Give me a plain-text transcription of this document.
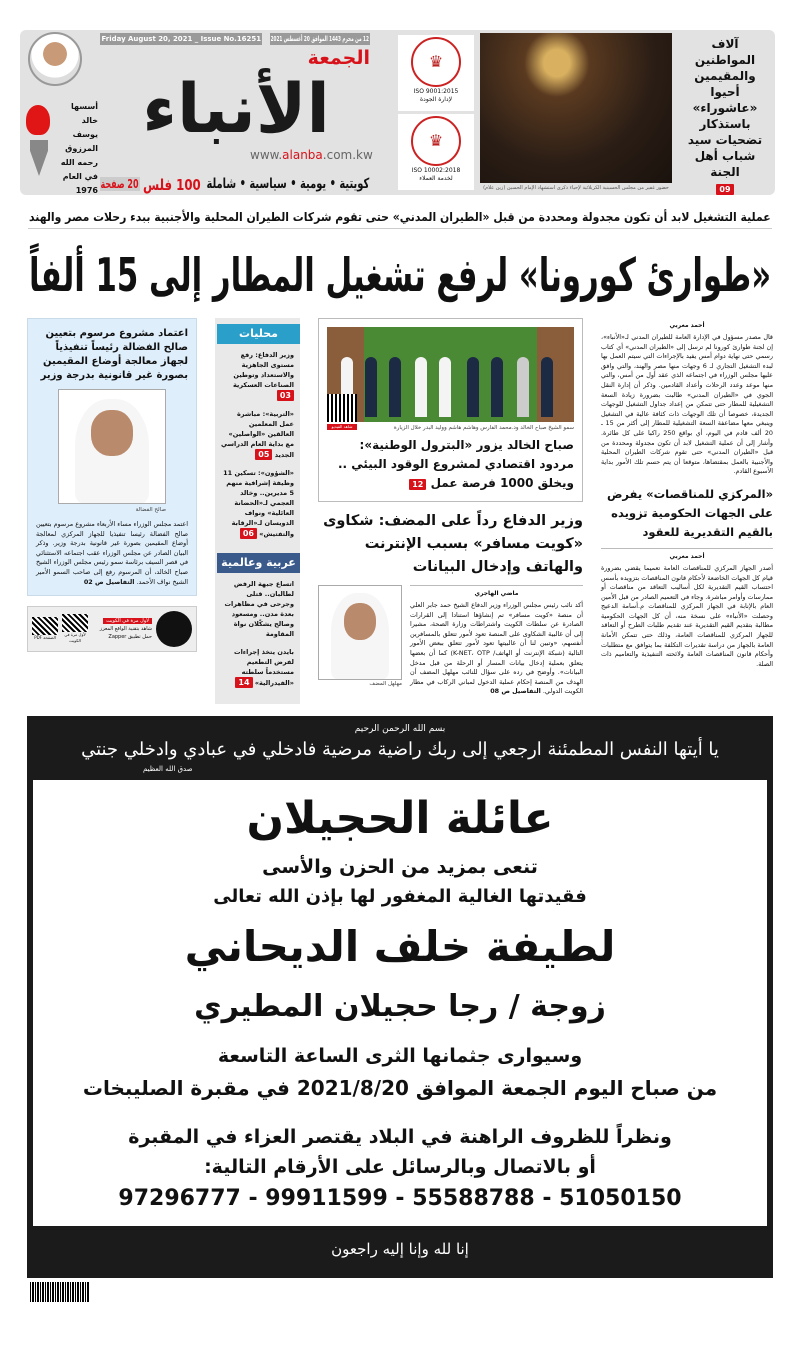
Friday August 20, 2021 _ Issue No.16251 12 من محرم 1443 الموافق 20 أغسطس 2021
الجمعة
الأنباء
www.alanba.com.kw
كويتية • يومية • سياسية • شاملة
100 فلس
20 صفحة
أسسها
خالد يوسف
المرزوق
رحمه الله
في العام
1976
♛
ISO 9001:2015
لإدارة الجودة
♛
ISO 10002:2018
لخدمة العملاء
حضور غفير من مجلس الحسينية الكربلائية لإحياء ذكرى استشهاد الإمام الحسين (زين علام)
آلاف المواطنين والمقيمين أحيوا «عاشوراء» باستذكار تضحيات سيد شباب أهل الجنة
09
عملية التشغيل لابد أن تكون مجدولة ومحددة من قبل «الطيران المدني» حتى تقوم شركات الطيران المحلية والأجنبية ببدء رحلات مصر والهند
«طوارئ كورونا» لرفع تشغيل المطار إلى 15 ألفاً
أحمد مغربي
قال مصدر مسؤول في الإدارة العامة للطيران المدني لـ«الأنباء»، إن لجنة طوارئ كورونا لم ترسل إلى «الطيران المدني» أي كتاب رسمي حتى نهاية دوام أمس يفيد بالإجراءات التي سيتم العمل بها لبدء التشغيل التجاري لـ 6 وجهات منها مصر والهند، والتي وافق عليها مجلس الوزراء في اجتماعه الذي عقد أول من أمس، والتي منها موعد وعدد الرحلات وأعداد القادمين. وذكر أن إدارة النقل الجوي في «الطيران المدني» طالبت بضرورة زيادة السعة التشغيلية للمطار حتى تتمكن من إعداد جداول التشغيل للوجهات الجديدة، خصوصا أن تلك الوجهات ذات كثافة عالية في التشغيل وينبغي معها مضاعفة السعة التشغيلية للمطار إلى أكثر من 15 ـ 20 ألف قادم في اليوم، أي بواقع 250 راكبا على كل طائرة. وأشار إلى أن عملية التشغيل لابد أن تكون مجدولة ومحددة من قبل «الطيران المدني» حتى تقوم شركات الطيران المحلية والأجنبية بالعمل بمقتضاها، متوقعا أن يتم حسم تلك الأمور بداية الأسبوع القادم.
«المركزي للمناقصات» يفرض على الجهات الحكومية تزويده بالقيم التقديرية للعقود
أحمد مغربي
أصدر الجهاز المركزي للمناقصات العامة تعميما يقضي بضرورة قيام كل الجهات الخاضعة لأحكام قانون المناقصات بتزويده بأسس احتساب القيم التقديرية لكل أساليب التعاقد من مناقصات أو ممارسات وأوامر مباشرة. وجاء في التعميم الصادر من قبل الأمين العام بالإنابة في الجهاز المركزي للمناقصات م.أسامة الدعيج وحصلت «الأنباء» على نسخة منه، أن كل الجهات الحكومية مطالبة بتقديم القيم التقديرية عند تقديم طلبات الطرح أو التعاقد للجهاز المركزي للمناقصات العامة، وذلك حتى تتمكن الأمانة العامة بالجهاز من دراسة تقديرات التكلفة بما يتوافق مع متطلبات وأحكام قانون المناقصات العامة ولائحته التنفيذية والتعاميم ذات الصلة.
شاهد الفيديو	سمو الشيخ صباح الخالد ود.محمد الفارس وهاشم هاشم ووليد البدر خلال الزيارة
صباح الخالد يزور «البترول الوطنية»: مردود اقتصادي لمشروع الوقود البيئي .. ويخلق 1000 فرصة عمل 12
وزير الدفاع رداً على المضف: شكاوى «كويت مسافر» بسبب الإنترنت والهاتف وإدخال البيانات
ماضي الهاجري
أكد نائب رئيس مجلس الوزراء وزير الدفاع الشيخ حمد جابر العلي أن منصة «كويت مسافر» تم إنشاؤها استنادا إلى القرارات الصادرة عن سلطات الكويت واشتراطات وزارة الصحة، مشيرا إلى أن غالبية الشكاوى على المنصة تعود لأمور تتعلق بالمسافرين أنفسهم، «وتبين لنا أن غالبيتها تعود لأمور تتعلق ببعض الأمور التالية (شبكة الإنترنت أو الهاتف/ K-NET، OTP) كما أن بعضها يتعلق بعملية إدخال بيانات المسار أو الرحلة من قبل مدخل البيانات». وأوضح في رده على سؤال للنائب مهلهل المضف أن الهدف من المنصة إحكام عملية الدخول لمباني الركاب في مطار الكويت الدولي. التفاصيل ص 08
مهلهل المضف
محليات
وزير الدفاع: رفع مستوى الجاهزية والاستعداد وتوطين الصناعات العسكرية 03
«التربية»: مباشرة عمل المعلمين العالقين «الواصلين» مع بداية العام الدراسي الجديد 05
«الشؤون»: تسكين 11 وظيفة إشرافية منهم 5 مديرين.. وخالد العجمي لـ«الحضانة العائلية» ونواف الدويسان لـ«الرقابة والتفتيش» 06
عربية وعالمية
اتساع جبهة الرفض لطالبان.. قتلى وجرحى في مظاهرات بعدة مدن.. ومسعود وصالح يشكّلان نواة المقاومة
بايدن يتخذ إجراءات لفرض التطعيم مستخدماً سلطته «الفيدرالية» 14
اعتماد مشروع مرسوم بتعيين صالح الفضالة رئيساً تنفيذياً لجهاز معالجة أوضاع المقيمين بصورة غير قانونية بدرجة وزير
صالح الفضالة
اعتمد مجلس الوزراء مساء الأربعاء مشروع مرسوم بتعيين صالح الفضالة رئيسا تنفيذيا للجهاز المركزي لمعالجة أوضاع المقيمين بصورة غير قانونية بدرجة وزير. وذكر البيان الصادر عن مجلس الوزراء عقب اجتماعه الاستثنائي في قصر السيف برئاسة سمو رئيس مجلس الوزراء الشيخ صباح الخالد، أن المرسوم رفع إلى صاحب السمو الأمير الشيخ نواف الأحمد. التفاصيل ص 02
لأول مرة في الكويت
شاهد بتقنية الواقع المعزز
حمل تطبيق Zapper
لأول مرة في الكويت
الصفحة PDF
بسم الله الرحمن الرحيم
يا أيتها النفس المطمئنة ارجعي إلى ربك راضية مرضية فادخلي في عبادي وادخلي جنتي
صدق الله العظيم
عائلة الحجيلان
تنعى بمزيد من الحزن والأسى
فقيدتها الغالية المغفور لها بإذن الله تعالى
لطيفة خلف الديحاني
زوجة / رجا حجيلان المطيري
وسيوارى جثمانها الثرى الساعة التاسعة
من صباح اليوم الجمعة الموافق 2021/8/20 في مقبرة الصليبخات
ونظراً للظروف الراهنة في البلاد يقتصر العزاء في المقبرة
أو بالاتصال وبالرسائل على الأرقام التالية:
97296777 - 99911599 - 55588788 - 51050150
إنا لله وإنا إليه راجعون
